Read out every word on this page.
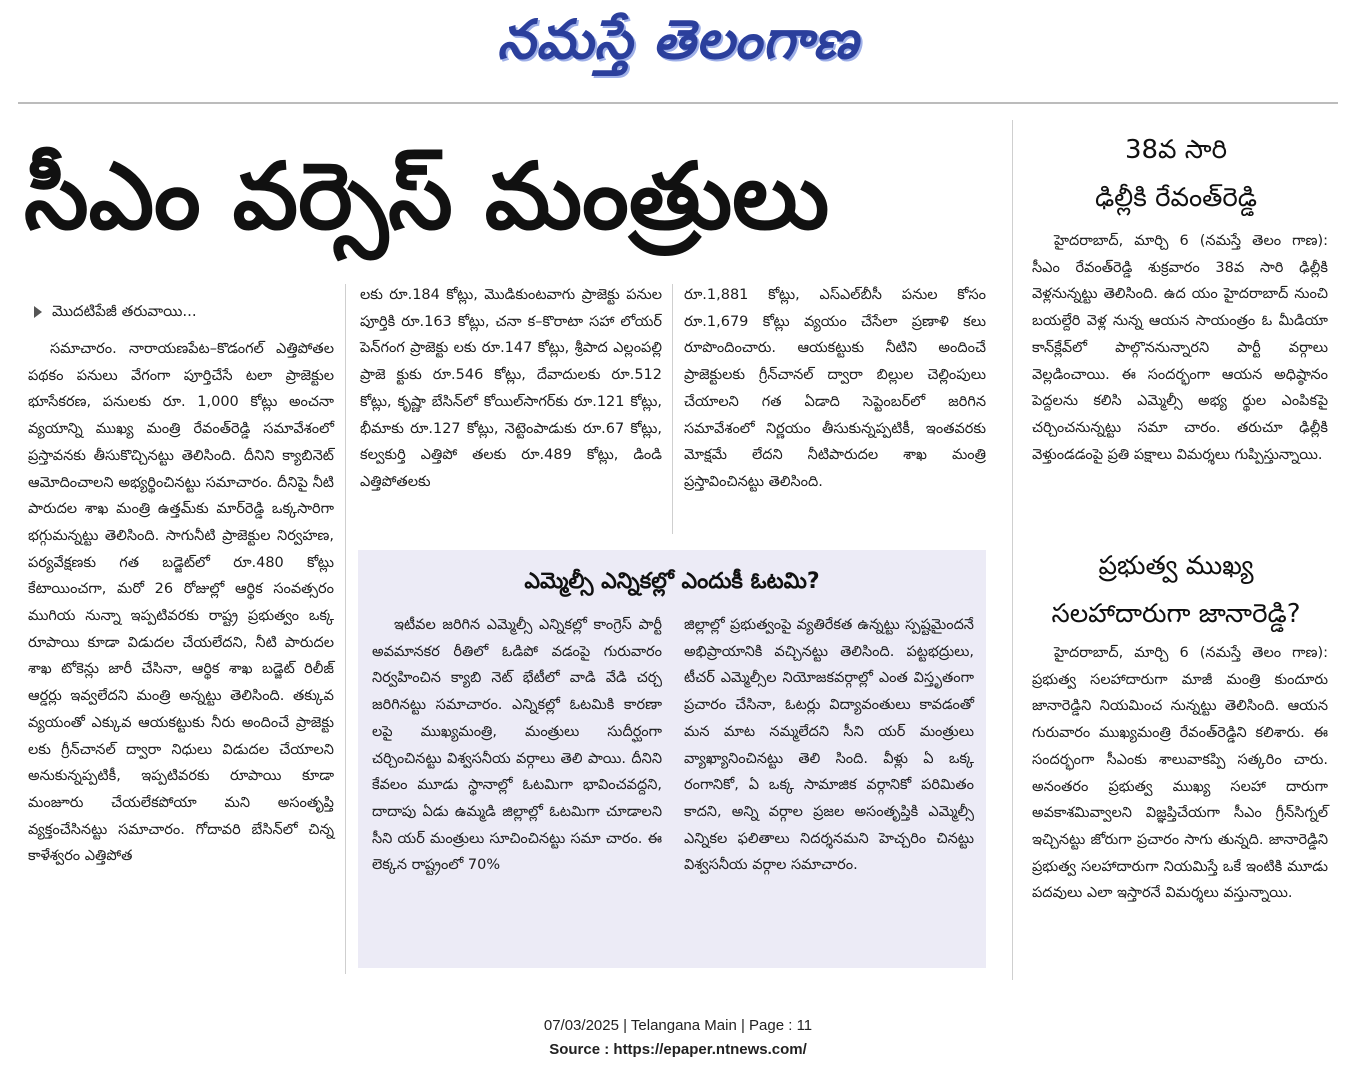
నమస్తే తెలంగాణ
సీఎం వర్సెస్ మంత్రులు
మొదటిపేజీ తరువాయి...

సమాచారం. నారాయణపేట–కొడంగల్ ఎత్తిపోతల పథకం పనులు వేగంగా పూర్తిచేసే టలా ప్రాజెక్టుల భూసేకరణ, పనులకు రూ. 1,000 కోట్లు అంచనా వ్యయాన్ని ముఖ్య మంత్రి రేవంత్‌రెడ్డి సమావేశంలో ప్రస్తావనకు తీసుకొచ్చినట్టు తెలిసింది. దీనిని క్యాబినెట్ ఆమోదించాలని అభ్యర్థించినట్టు సమాచారం. దీనిపై నీటి పారుదల శాఖ మంత్రి ఉత్తమ్‌కు మార్‌రెడ్డి ఒక్కసారిగా భగ్గుమన్నట్టు తెలిసింది. సాగునీటి ప్రాజెక్టుల నిర్వహణ, పర్యవేక్షణకు గత బడ్జెట్‌లో రూ.480 కోట్లు కేటాయించగా, మరో 26 రోజుల్లో ఆర్థిక సంవత్సరం ముగియ నున్నా ఇప్పటివరకు రాష్ట్ర ప్రభుత్వం ఒక్క రూపాయి కూడా విడుదల చేయలేదని, నీటి పారుదల శాఖ టోకెన్లు జారీ చేసినా, ఆర్థిక శాఖ బడ్జెట్ రిలీజ్ ఆర్డర్లు ఇవ్వలేదని మంత్రి అన్నట్టు తెలిసింది. తక్కువ వ్యయంతో ఎక్కువ ఆయకట్టుకు నీరు అందించే ప్రాజెక్టు లకు గ్రీన్‌చానల్ ద్వారా నిధులు విడుదల చేయాలని అనుకున్నప్పటికీ, ఇప్పటివరకు రూపాయి కూడా మంజూరు చేయలేకపోయా మని అసంతృప్తి వ్యక్తంచేసినట్టు సమాచారం. గోదావరి బేసిన్‌లో చిన్న కాళేశ్వరం ఎత్తిపోత

లకు రూ.184 కోట్లు, మొడికుంటవాగు ప్రాజెక్టు పనుల పూర్తికి రూ.163 కోట్లు, చనా క–కొరాటా సహా లోయర్ పెన్‌గంగ ప్రాజెక్టు లకు రూ.147 కోట్లు, శ్రీపాద ఎల్లంపల్లి ప్రాజె క్టుకు రూ.546 కోట్లు, దేవాదులకు రూ.512 కోట్లు, కృష్ణా బేసిన్‌లో కోయిల్‌సాగర్‌కు రూ.121 కోట్లు, భీమాకు రూ.127 కోట్లు, నెట్టెంపాడుకు రూ.67 కోట్లు, కల్వకుర్తి ఎత్తిపో తలకు రూ.489 కోట్లు, డిండి ఎత్తిపోతలకు

రూ.1,881 కోట్లు, ఎస్‌ఎల్‌బీసీ పనుల కోసం రూ.1,679 కోట్లు వ్యయం చేసేలా ప్రణాళి కలు రూపొందించారు. ఆయకట్టుకు నీటిని అందించే ప్రాజెక్టులకు గ్రీన్‌చానల్ ద్వారా బిల్లుల చెల్లింపులు చేయాలని గత ఏడాది సెప్టెంబర్‌లో జరిగిన సమావేశంలో నిర్ణయం తీసుకున్నప్పటికీ, ఇంతవరకు మోక్షమే లేదని నీటిపారుదల శాఖ మంత్రి ప్రస్తావించినట్టు తెలిసింది.

ఎమ్మెల్సీ ఎన్నికల్లో ఎందుకీ ఓటమి?

ఇటీవల జరిగిన ఎమ్మెల్సీ ఎన్నికల్లో కాంగ్రెస్ పార్టీ అవమానకర రీతిలో ఓడిపో వడంపై గురువారం నిర్వహించిన క్యాబి నెట్ భేటీలో వాడి వేడి చర్చ జరిగినట్టు సమాచారం. ఎన్నికల్లో ఓటమికి కారణా లపై ముఖ్యమంత్రి, మంత్రులు సుదీర్ఘంగా చర్చించినట్టు విశ్వసనీయ వర్గాలు తెలి పాయి. దీనిని కేవలం మూడు స్థానాల్లో ఓటమిగా భావించవద్దని, దాదాపు ఏడు ఉమ్మడి జిల్లాల్లో ఓటమిగా చూడాలని సీని యర్ మంత్రులు సూచించినట్టు సమా చారం. ఈ లెక్కన రాష్ట్రంలో 70%

జిల్లాల్లో ప్రభుత్వంపై వ్యతిరేకత ఉన్నట్టు స్పష్టమైందనే అభిప్రాయానికి వచ్చినట్టు తెలిసింది. పట్టభద్రులు, టీచర్ ఎమ్మెల్సీల నియోజకవర్గాల్లో ఎంత విస్తృతంగా ప్రచారం చేసినా, ఓటర్లు విద్యావంతులు కావడంతో మన మాట నమ్మలేదని సీని యర్ మంత్రులు వ్యాఖ్యానించినట్టు తెలి సింది. వీళ్లు ఏ ఒక్క రంగానికో, ఏ ఒక్క సామాజిక వర్గానికో పరిమితం కాదని, అన్ని వర్గాల ప్రజల అసంతృప్తికి ఎమ్మెల్సీ ఎన్నికల ఫలితాలు నిదర్శనమని హెచ్చరిం చినట్టు విశ్వసనీయ వర్గాల సమాచారం.

38వ సారి
ఢిల్లీకి రేవంత్‌రెడ్డి

హైదరాబాద్, మార్చి 6 (నమస్తే తెలం గాణ): సీఎం రేవంత్‌రెడ్డి శుక్రవారం 38వ సారి ఢిల్లీకి వెళ్లనున్నట్టు తెలిసింది. ఉద యం హైదరాబాద్ నుంచి బయల్దేరి వెళ్ల నున్న ఆయన సాయంత్రం ఓ మీడియా కాన్‌క్లేవ్‌లో పాల్గొననున్నారని పార్టీ వర్గాలు వెల్లడించాయి. ఈ సందర్భంగా ఆయన అధిష్ఠానం పెద్దలను కలిసి ఎమ్మెల్సీ అభ్య ర్థుల ఎంపికపై చర్చించనున్నట్టు సమా చారం. తరుచూ ఢిల్లీకి వెళ్తుండడంపై ప్రతి పక్షాలు విమర్శలు గుప్పిస్తున్నాయి.

ప్రభుత్వ ముఖ్య
సలహాదారుగా జానారెడ్డి?

హైదరాబాద్, మార్చి 6 (నమస్తే తెలం గాణ): ప్రభుత్వ సలహాదారుగా మాజీ మంత్రి కుందూరు జానారెడ్డిని నియమించ నున్నట్టు తెలిసింది. ఆయన గురువారం ముఖ్యమంత్రి రేవంత్‌రెడ్డిని కలిశారు. ఈ సందర్భంగా సీఎంకు శాలువాకప్పి సత్కరిం చారు. అనంతరం ప్రభుత్వ ముఖ్య సలహా దారుగా అవకాశమివ్వాలని విజ్ఞప్తిచేయగా సీఎం గ్రీన్‌సిగ్నల్ ఇచ్చినట్టు జోరుగా ప్రచారం సాగు తున్నది. జానారెడ్డిని ప్రభుత్వ సలహాదారుగా నియమిస్తే ఒకే ఇంటికి మూడు పదవులు ఎలా ఇస్తారనే విమర్శలు వస్తున్నాయి.

07/03/2025 | Telangana Main | Page : 11
Source : https://epaper.ntnews.com/
